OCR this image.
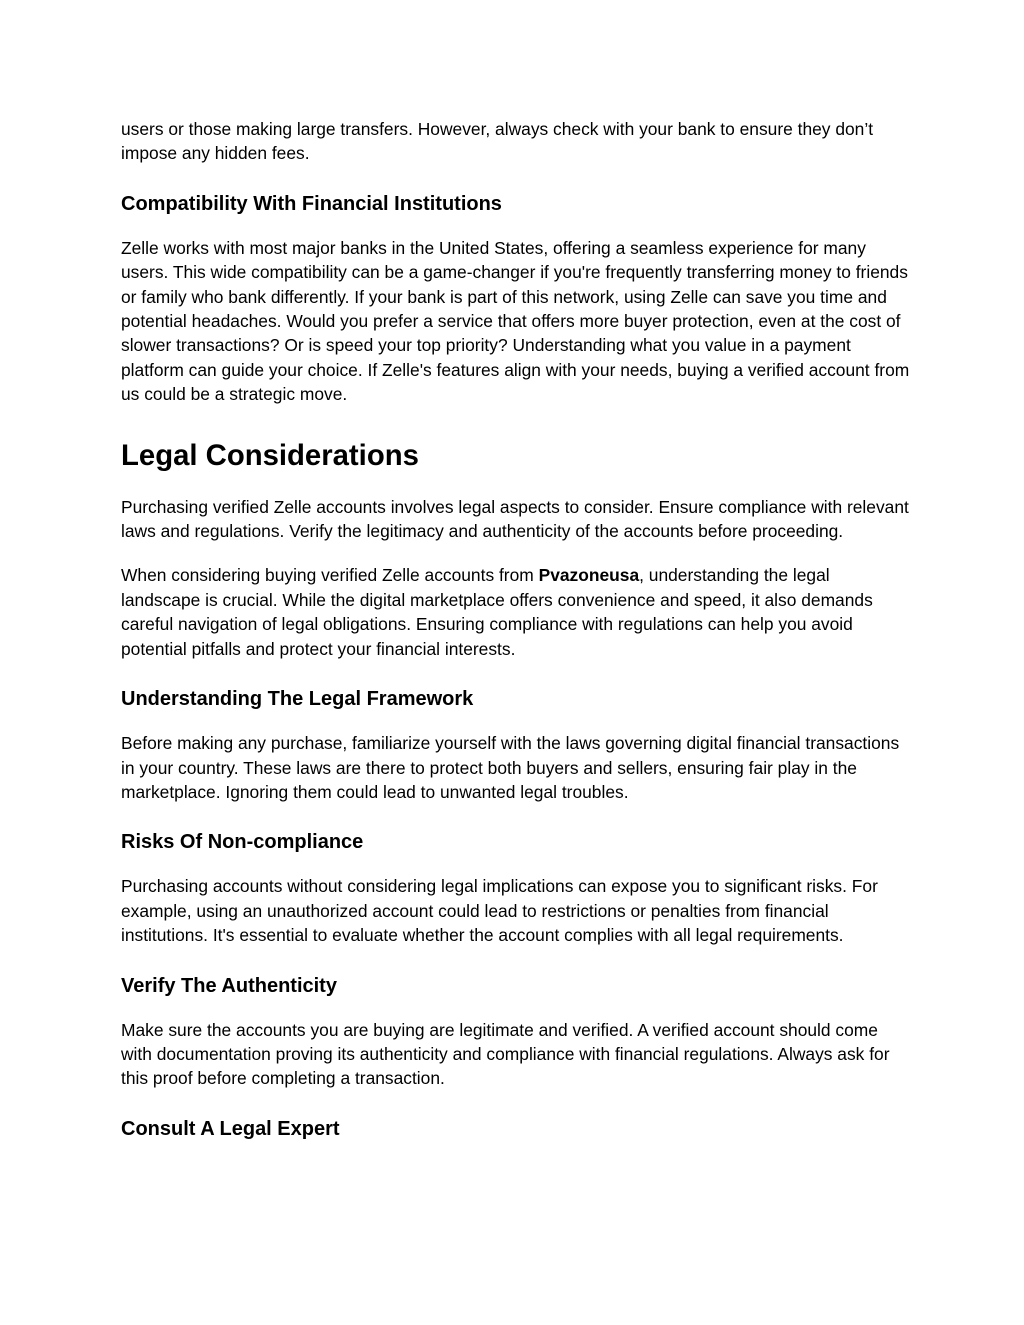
users or those making large transfers. However, always check with your bank to ensure they don’t impose any hidden fees.

Compatibility With Financial Institutions

Zelle works with most major banks in the United States, offering a seamless experience for many users. This wide compatibility can be a game-changer if you're frequently transferring money to friends or family who bank differently. If your bank is part of this network, using Zelle can save you time and potential headaches. Would you prefer a service that offers more buyer protection, even at the cost of slower transactions? Or is speed your top priority? Understanding what you value in a payment platform can guide your choice. If Zelle's features align with your needs, buying a verified account from us could be a strategic move.

Legal Considerations

Purchasing verified Zelle accounts involves legal aspects to consider. Ensure compliance with relevant laws and regulations. Verify the legitimacy and authenticity of the accounts before proceeding.

When considering buying verified Zelle accounts from Pvazoneusa, understanding the legal landscape is crucial. While the digital marketplace offers convenience and speed, it also demands careful navigation of legal obligations. Ensuring compliance with regulations can help you avoid potential pitfalls and protect your financial interests.

Understanding The Legal Framework

Before making any purchase, familiarize yourself with the laws governing digital financial transactions in your country. These laws are there to protect both buyers and sellers, ensuring fair play in the marketplace. Ignoring them could lead to unwanted legal troubles.

Risks Of Non-compliance

Purchasing accounts without considering legal implications can expose you to significant risks. For example, using an unauthorized account could lead to restrictions or penalties from financial institutions. It's essential to evaluate whether the account complies with all legal requirements.

Verify The Authenticity

Make sure the accounts you are buying are legitimate and verified. A verified account should come with documentation proving its authenticity and compliance with financial regulations. Always ask for this proof before completing a transaction.

Consult A Legal Expert
